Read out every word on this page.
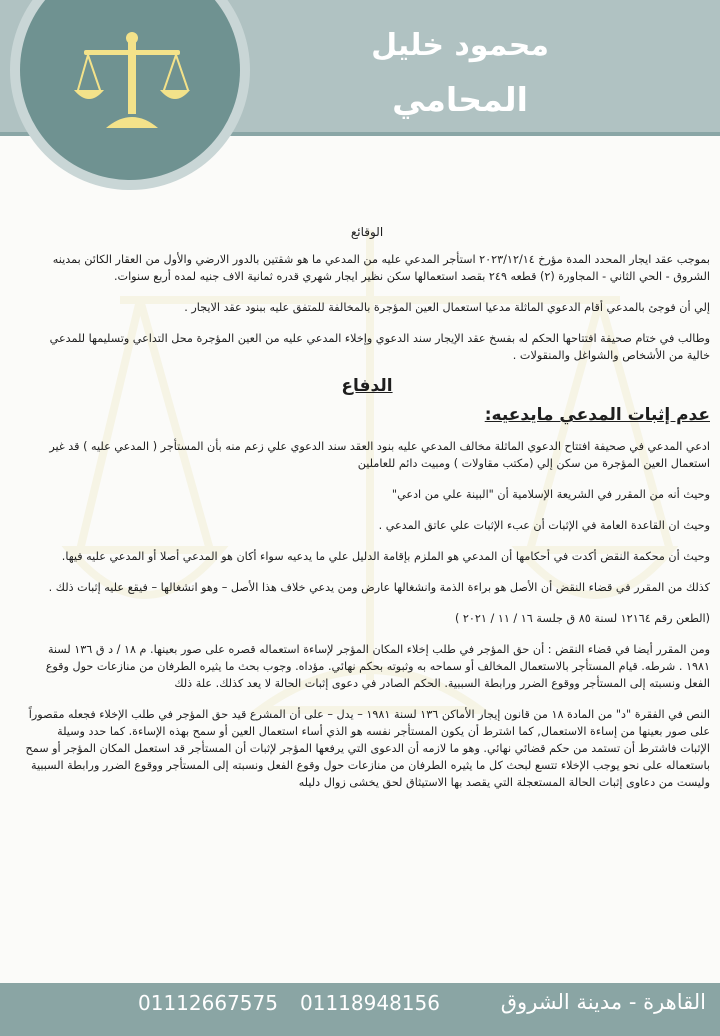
محمود خليل
المحامي

الوقائع

بموجب عقد ايجار المحدد المدة مؤرخ ٢٠٢٣/١٢/١٤ استأجر المدعي عليه من المدعي ما هو شقتين بالدور الارضي والأول من العقار الكائن بمدينه الشروق - الحي الثاني - المجاورة (٢) قطعه ٢٤٩ بقصد استعمالها سكن نظير ايجار شهري قدره ثمانية الاف جنيه لمده أربع سنوات.

إلي أن فوجئ بالمدعي أقام الدعوي الماثلة مدعيا استعمال العين المؤجرة بالمخالفة للمتفق عليه ببنود عقد الايجار .

وطالب في ختام صحيفة افتتاحها الحكم له بفسخ عقد الإيجار سند الدعوي وإخلاء المدعي عليه من العين المؤجرة محل التداعي وتسليمها للمدعي خالية من الأشخاص والشواغل والمنقولات .

الدفاع

عدم إثبات المدعي مايدعيه:

ادعي المدعي في صحيفة افتتاح الدعوي الماثلة مخالف المدعي عليه بنود العقد سند الدعوي علي زعم منه بأن المستأجر ( المدعي عليه ) قد غير استعمال العين المؤجرة من سكن إلي (مكتب مقاولات ) ومبيت دائم للعاملين

وحيث أنه من المقرر في الشريعة الإسلامية أن "البينة علي من ادعي"

وحيث ان القاعدة العامة في الإثبات أن عبء الإثبات علي عاتق المدعي .

وحيث أن محكمة النقض أكدت في أحكامها أن المدعي هو الملزم بإقامة الدليل علي ما يدعيه سواء أكان هو المدعي أصلا أو المدعي عليه فيها.

كذلك من المقرر في قضاء النقض أن الأصل هو براءة الذمة وانشغالها عارض ومن يدعي خلاف هذا الأصل – وهو انشغالها – فيقع عليه إثبات ذلك .

(الطعن رقم ١٢١٦٤ لسنة ٨٥ ق جلسة ١٦ / ١١ / ٢٠٢١ )

ومن المقرر أيضا في قضاء النقض : أن حق المؤجر في طلب إخلاء المكان المؤجر لإساءة استعماله قصره على صور بعينها. م ١٨ / د ق ١٣٦ لسنة ١٩٨١ . شرطه. قيام المستأجر بالاستعمال المخالف أو سماحه به وثبوته بحكم نهائي. مؤداه. وجوب بحث ما يثيره الطرفان من منازعات حول وقوع الفعل ونسبته إلى المستأجر ووقوع الضرر ورابطة السببية. الحكم الصادر في دعوى إثبات الحالة لا يعد كذلك. علة ذلك

النص في الفقرة "د" من المادة ١٨ من قانون إيجار الأماكن ١٣٦ لسنة ١٩٨١ – يدل – على أن المشرع قيد حق المؤجر في طلب الإخلاء فجعله مقصوراً على صور بعينها من إساءة الاستعمال, كما اشترط أن يكون المستأجر نفسه هو الذي أساء استعمال العين أو سمح بهذه الإساءة. كما حدد وسيلة الإثبات فاشترط أن تستمد من حكم قضائي نهائي. وهو ما لازمه أن الدعوى التي يرفعها المؤجر لإثبات أن المستأجر قد استعمل المكان المؤجر أو سمح باستعماله على نحو يوجب الإخلاء تتسع لبحث كل ما يثيره الطرفان من منازعات حول وقوع الفعل ونسبته إلى المستأجر ووقوع الضرر ورابطة السببية وليست من دعاوى إثبات الحالة المستعجلة التي يقصد بها الاستيثاق لحق يخشى زوال دليله

القاهرة - مدينة الشروق
01118948156
01112667575
